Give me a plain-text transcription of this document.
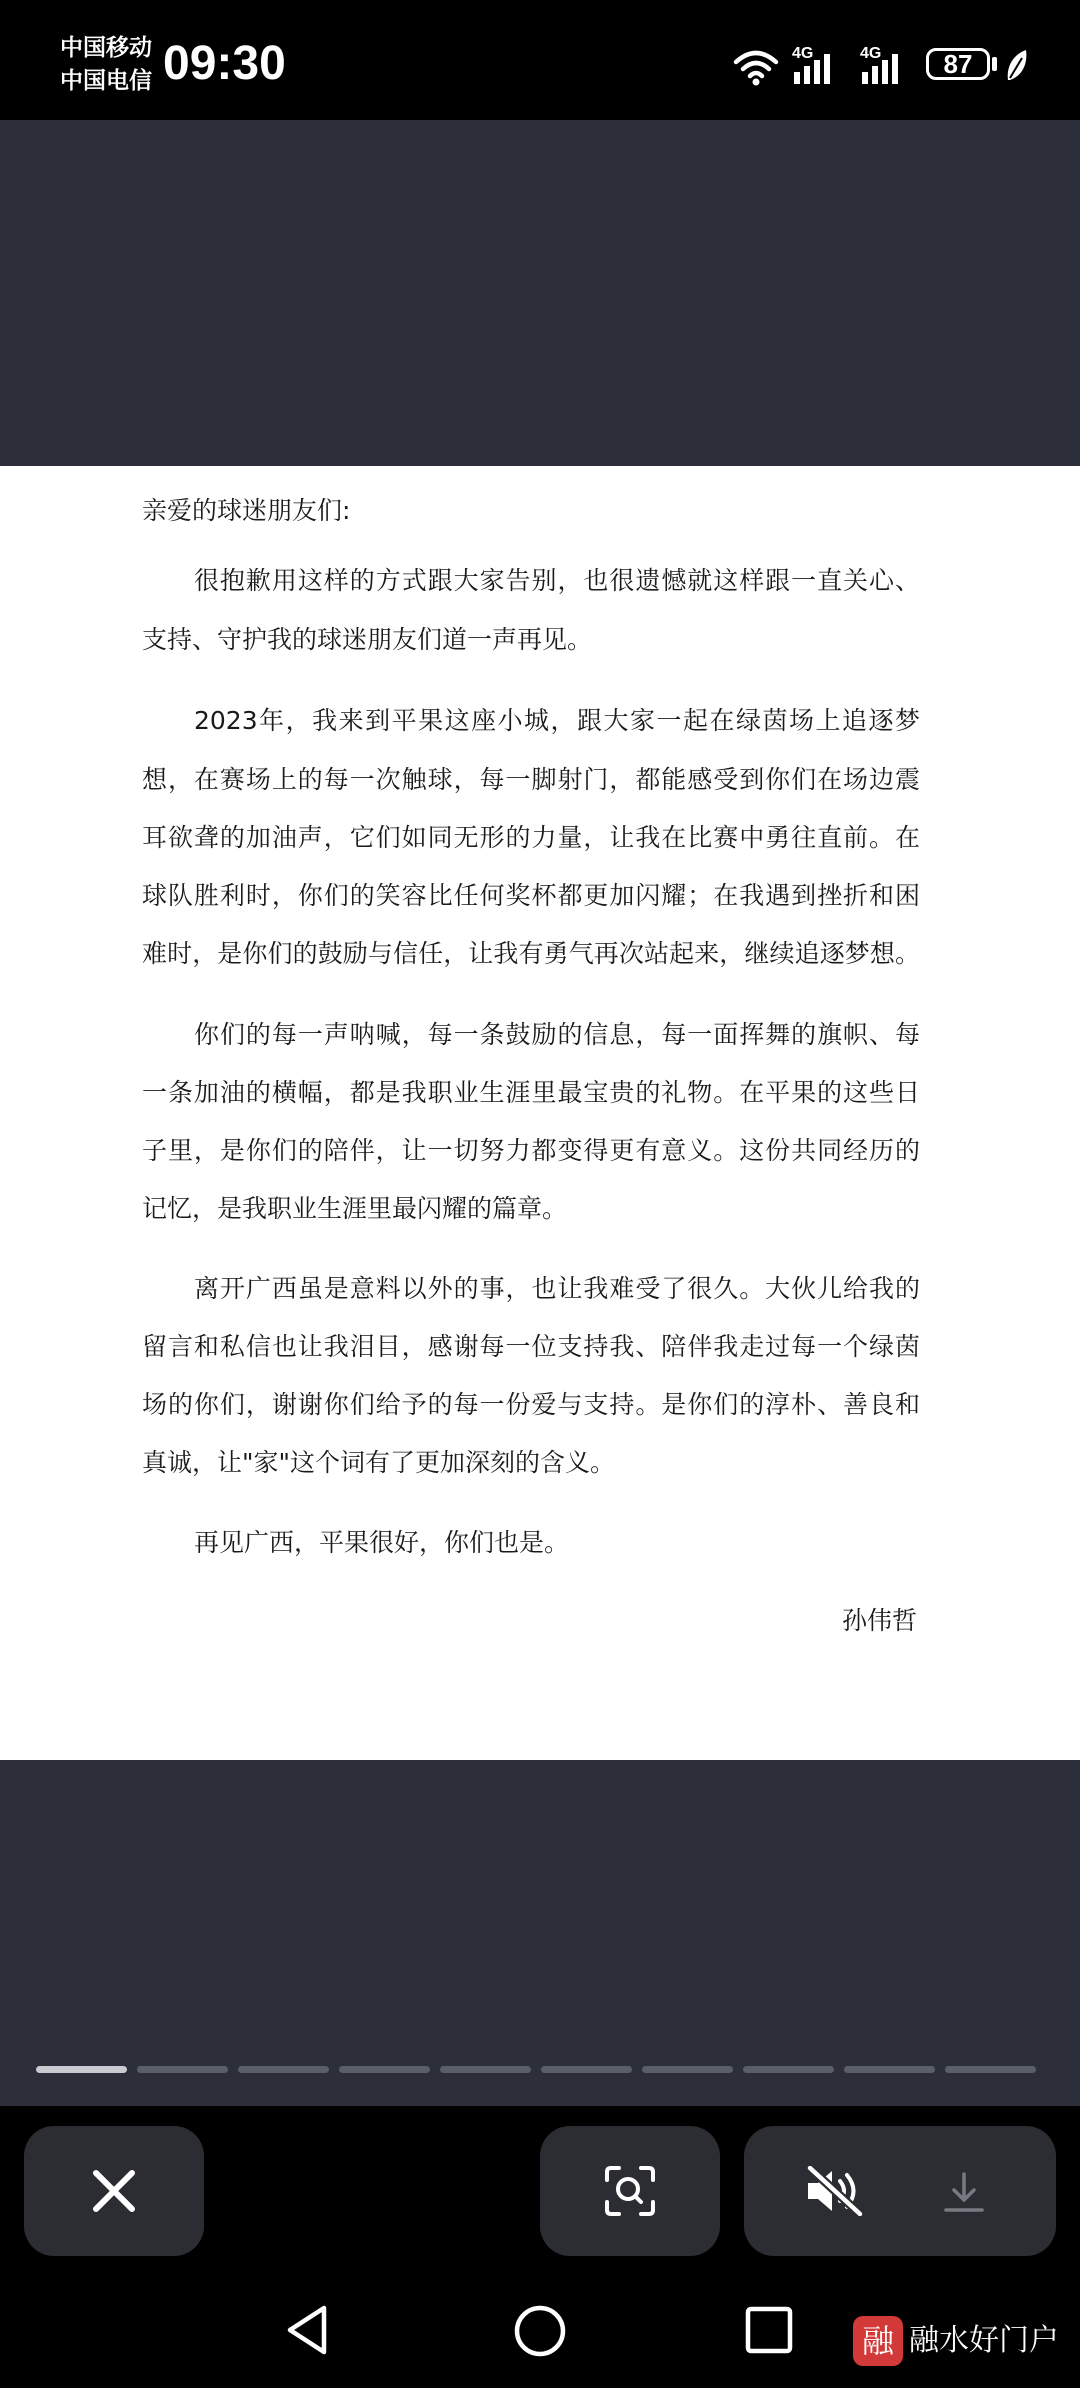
中国移动
中国电信 09:30	4G	4G	87
亲爱的球迷朋友们:
很抱歉用这样的方式跟大家告别，也很遗憾就这样跟一直关心、
支持、守护我的球迷朋友们道一声再见。
2023年，我来到平果这座小城，跟大家一起在绿茵场上追逐梦
想，在赛场上的每一次触球，每一脚射门，都能感受到你们在场边震
耳欲聋的加油声，它们如同无形的力量，让我在比赛中勇往直前。在
球队胜利时，你们的笑容比任何奖杯都更加闪耀；在我遇到挫折和困
难时，是你们的鼓励与信任，让我有勇气再次站起来，继续追逐梦想。
你们的每一声呐喊，每一条鼓励的信息，每一面挥舞的旗帜、每
一条加油的横幅，都是我职业生涯里最宝贵的礼物。在平果的这些日
子里，是你们的陪伴，让一切努力都变得更有意义。这份共同经历的
记忆，是我职业生涯里最闪耀的篇章。
离开广西虽是意料以外的事，也让我难受了很久。大伙儿给我的
留言和私信也让我泪目，感谢每一位支持我、陪伴我走过每一个绿茵
场的你们，谢谢你们给予的每一份爱与支持。是你们的淳朴、善良和
真诚，让"家"这个词有了更加深刻的含义。
再见广西，平果很好，你们也是。
孙伟哲
融 融水好门户
